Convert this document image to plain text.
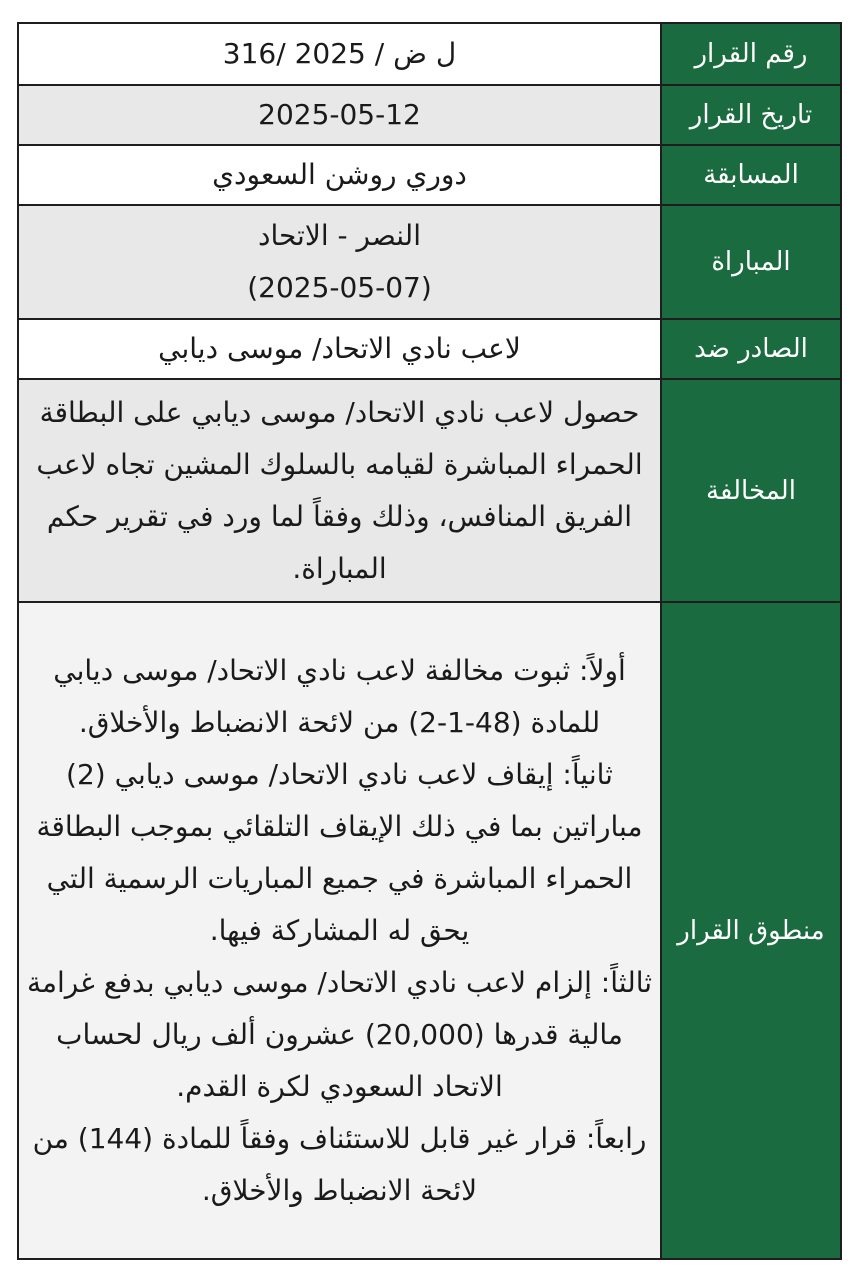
رقم القرار	316/ ل ض / 2025
تاريخ القرار	2025-05-12
المسابقة	دوري روشن السعودي
المباراة	النصر - الاتحاد
(2025-05-07)

الصادر ضد	لاعب نادي الاتحاد/ موسى ديابي
المخالفة	حصول لاعب نادي الاتحاد/ موسى ديابي على البطاقة الحمراء المباشرة لقيامه بالسلوك المشين تجاه لاعب الفريق المنافس، وذلك وفقاً لما ورد في تقرير حكم المباراة.
منطوق القرار	أولاً: ثبوت مخالفة لاعب نادي الاتحاد/ موسى ديابي للمادة (48-1-2) من لائحة الانضباط والأخلاق.
ثانياً: إيقاف لاعب نادي الاتحاد/ موسى ديابي (2) مباراتين بما في ذلك الإيقاف التلقائي بموجب البطاقة الحمراء المباشرة في جميع المباريات الرسمية التي يحق له المشاركة فيها.
ثالثاً: إلزام لاعب نادي الاتحاد/ موسى ديابي بدفع غرامة مالية قدرها (20,000) عشرون ألف ريال لحساب الاتحاد السعودي لكرة القدم.
رابعاً: قرار غير قابل للاستئناف وفقاً للمادة (144) من لائحة الانضباط والأخلاق.
